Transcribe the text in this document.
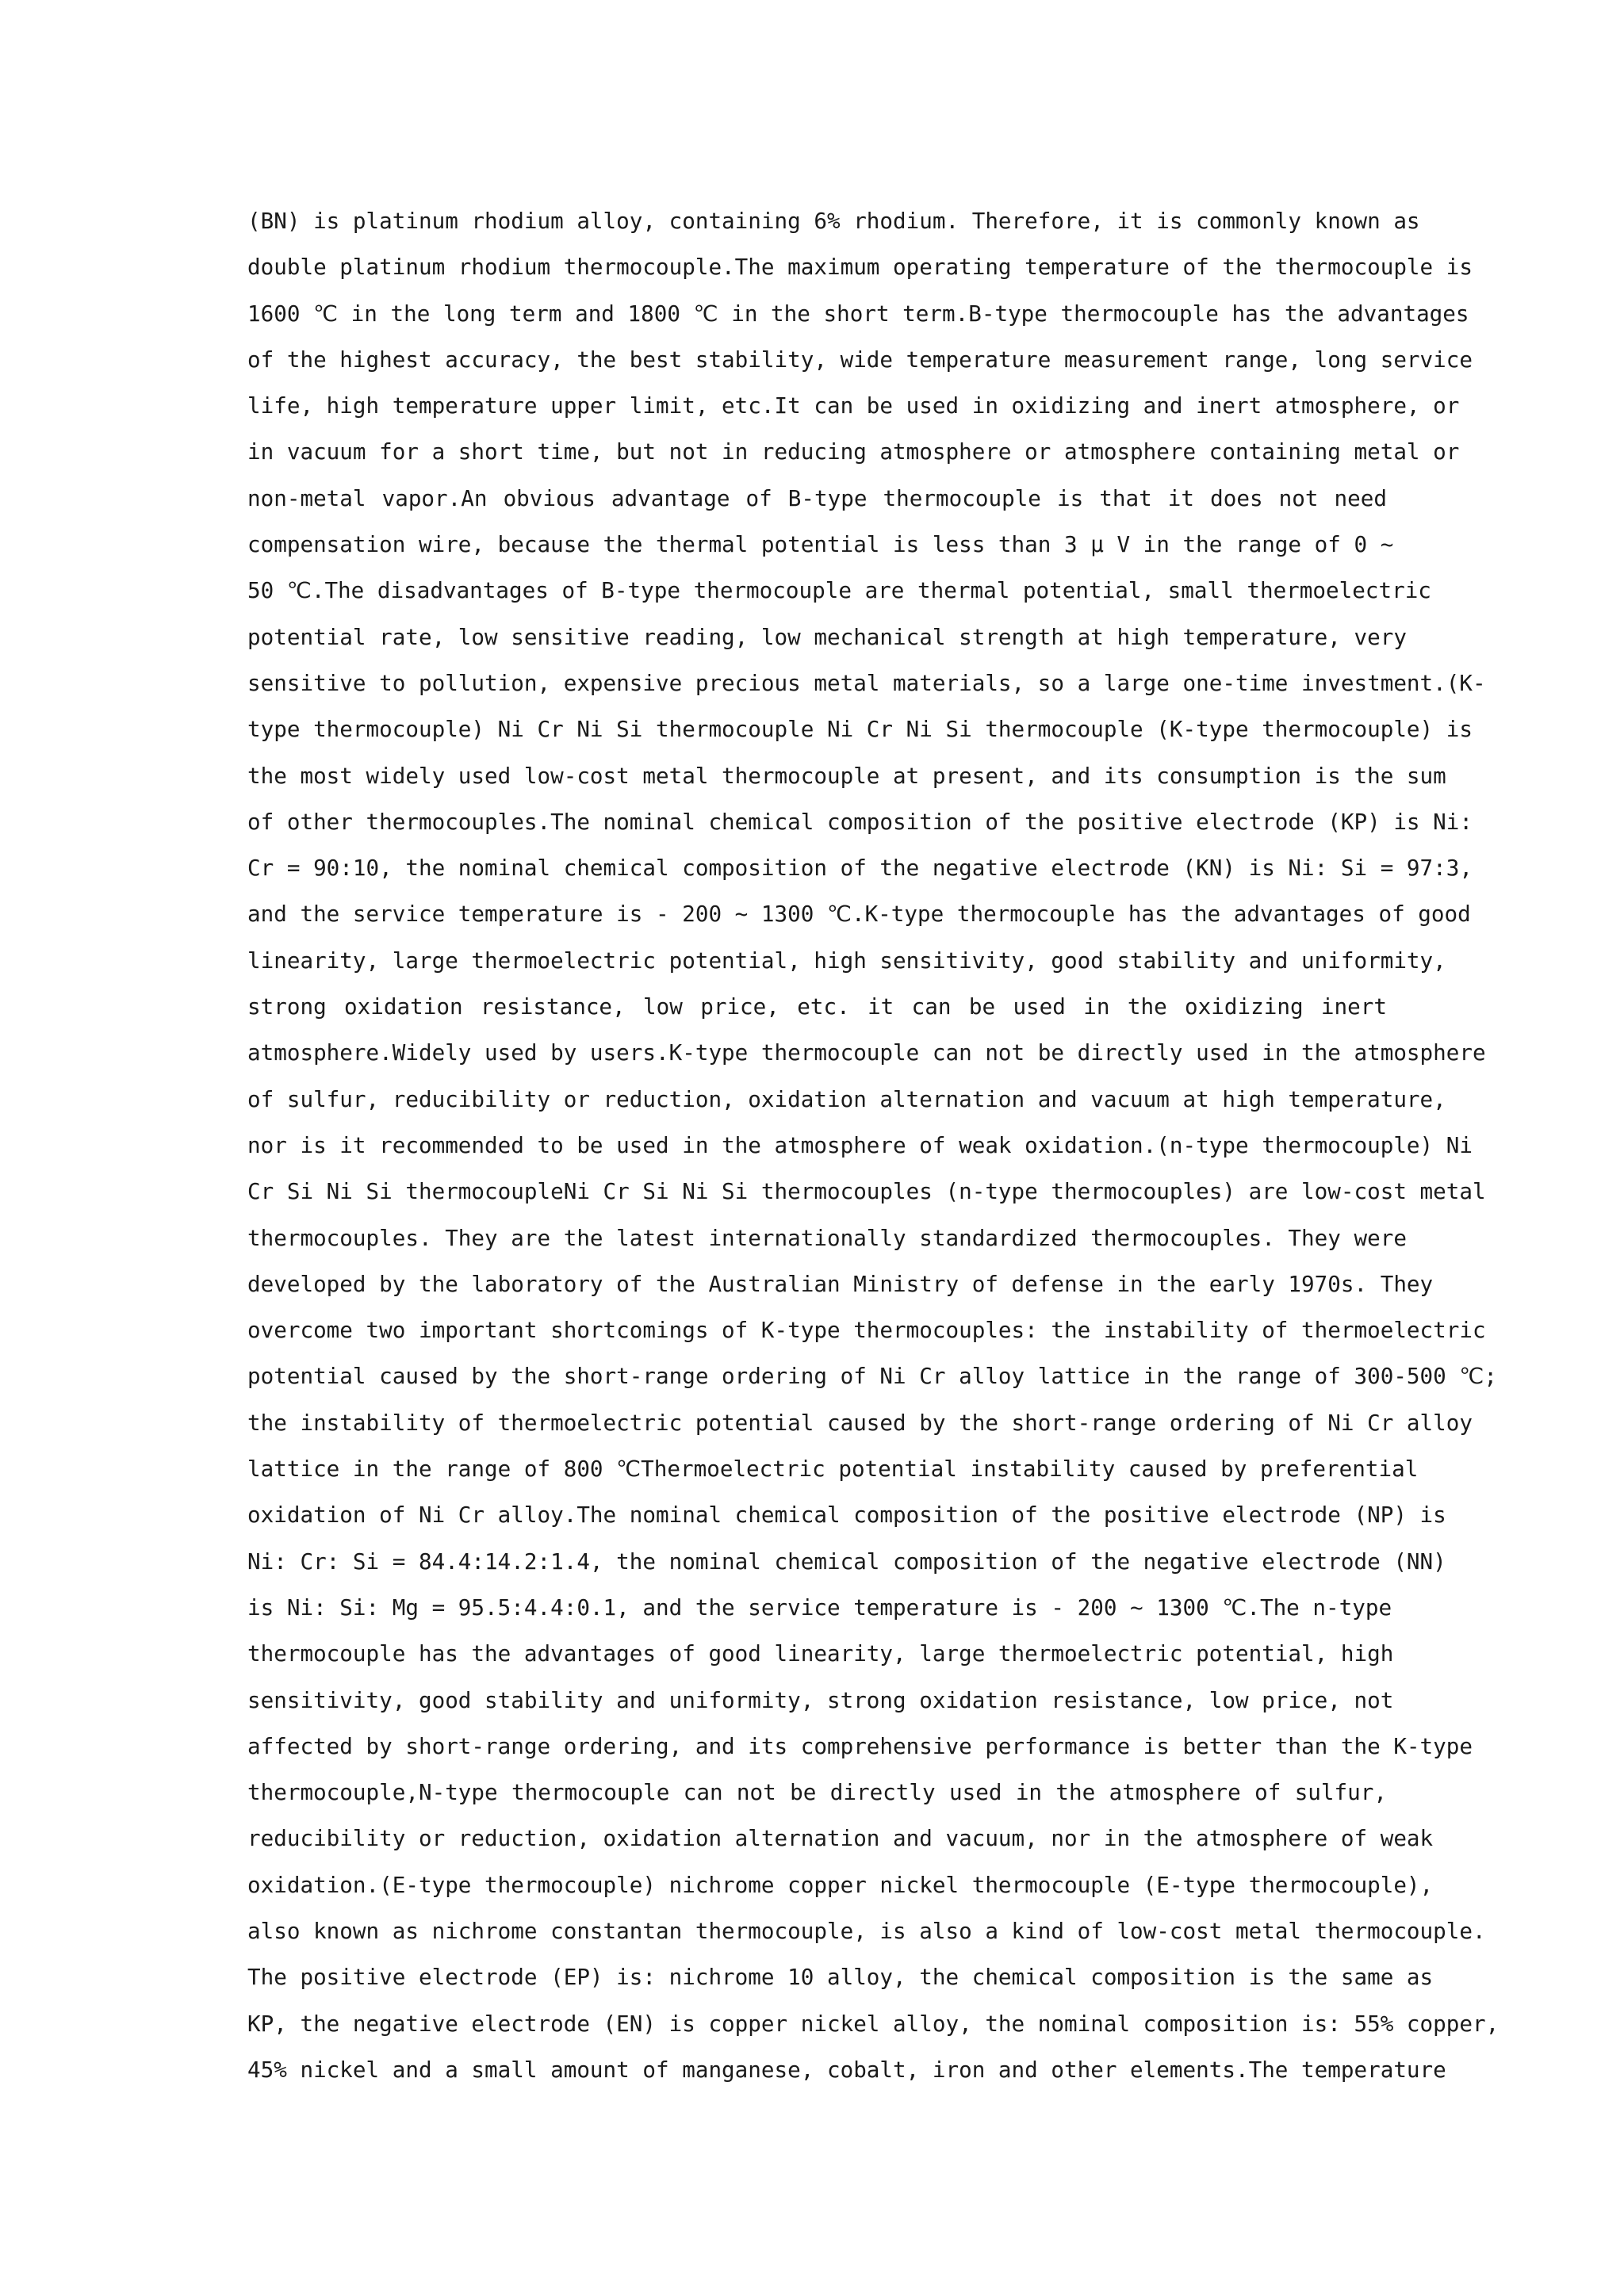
(BN) is platinum rhodium alloy, containing 6% rhodium. Therefore, it is commonly known as
double platinum rhodium thermocouple.The maximum operating temperature of the thermocouple is
1600 ℃ in the long term and 1800 ℃ in the short term.B-type thermocouple has the advantages
of the highest accuracy, the best stability, wide temperature measurement range, long service
life, high temperature upper limit, etc.It can be used in oxidizing and inert atmosphere, or
in vacuum for a short time, but not in reducing atmosphere or atmosphere containing metal or
non-metal vapor.An obvious advantage of B-type thermocouple is that it does not need
compensation wire, because the thermal potential is less than 3 μ V in the range of 0 ~
50 ℃.The disadvantages of B-type thermocouple are thermal potential, small thermoelectric
potential rate, low sensitive reading, low mechanical strength at high temperature, very
sensitive to pollution, expensive precious metal materials, so a large one-time investment.(K-
type thermocouple) Ni Cr Ni Si thermocouple Ni Cr Ni Si thermocouple (K-type thermocouple) is
the most widely used low-cost metal thermocouple at present, and its consumption is the sum
of other thermocouples.The nominal chemical composition of the positive electrode (KP) is Ni:
Cr = 90:10, the nominal chemical composition of the negative electrode (KN) is Ni: Si = 97:3,
and the service temperature is - 200 ~ 1300 ℃.K-type thermocouple has the advantages of good
linearity, large thermoelectric potential, high sensitivity, good stability and uniformity,
strong oxidation resistance, low price, etc. it can be used in the oxidizing inert
atmosphere.Widely used by users.K-type thermocouple can not be directly used in the atmosphere
of sulfur, reducibility or reduction, oxidation alternation and vacuum at high temperature,
nor is it recommended to be used in the atmosphere of weak oxidation.(n-type thermocouple) Ni
Cr Si Ni Si thermocoupleNi Cr Si Ni Si thermocouples (n-type thermocouples) are low-cost metal
thermocouples. They are the latest internationally standardized thermocouples. They were
developed by the laboratory of the Australian Ministry of defense in the early 1970s. They
overcome two important shortcomings of K-type thermocouples: the instability of thermoelectric
potential caused by the short-range ordering of Ni Cr alloy lattice in the range of 300-500 ℃;
the instability of thermoelectric potential caused by the short-range ordering of Ni Cr alloy
lattice in the range of 800 ℃Thermoelectric potential instability caused by preferential
oxidation of Ni Cr alloy.The nominal chemical composition of the positive electrode (NP) is
Ni: Cr: Si = 84.4:14.2:1.4, the nominal chemical composition of the negative electrode (NN)
is Ni: Si: Mg = 95.5:4.4:0.1, and the service temperature is - 200 ~ 1300 ℃.The n-type
thermocouple has the advantages of good linearity, large thermoelectric potential, high
sensitivity, good stability and uniformity, strong oxidation resistance, low price, not
affected by short-range ordering, and its comprehensive performance is better than the K-type
thermocouple,N-type thermocouple can not be directly used in the atmosphere of sulfur,
reducibility or reduction, oxidation alternation and vacuum, nor in the atmosphere of weak
oxidation.(E-type thermocouple) nichrome copper nickel thermocouple (E-type thermocouple),
also known as nichrome constantan thermocouple, is also a kind of low-cost metal thermocouple.
The positive electrode (EP) is: nichrome 10 alloy, the chemical composition is the same as
KP, the negative electrode (EN) is copper nickel alloy, the nominal composition is: 55% copper,
45% nickel and a small amount of manganese, cobalt, iron and other elements.The temperature
